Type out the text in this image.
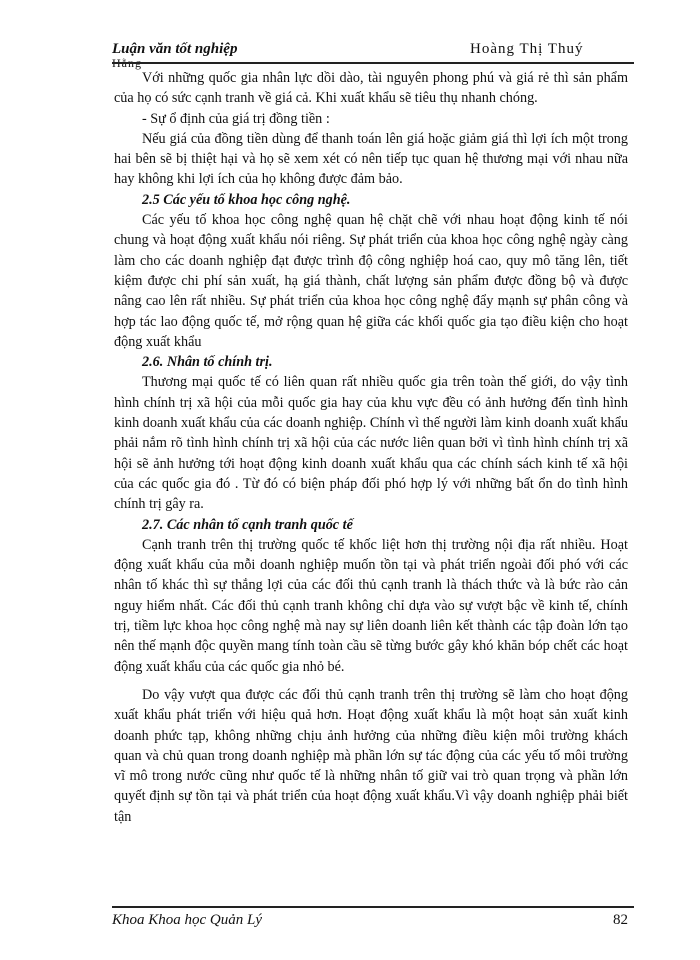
Luận văn tốt nghiệp	Hoàng Thị Thuý
Hằng

Với những quốc gia nhân lực dồi dào, tài nguyên phong phú và giá rẻ thì sản phẩm của họ có sức cạnh tranh về giá cả. Khi xuất khẩu sẽ tiêu thụ nhanh chóng.

- Sự ổ định của giá trị đồng tiền :

Nếu giá của đồng tiền dùng để thanh toán lên giá hoặc giảm giá thì lợi ích một trong hai bên sẽ bị thiệt hại và họ sẽ xem xét có nên tiếp tục quan hệ thương mại với nhau nữa hay không khi lợi ích của họ không được đảm bảo.

2.5 Các yếu tố khoa học công nghệ.

Các yếu tố khoa học công nghệ quan hệ chặt chẽ với nhau hoạt động kinh tế nói chung và hoạt động xuất khẩu nói riêng. Sự phát triển của khoa học công nghệ ngày càng làm cho các doanh nghiệp đạt được trình độ công nghiệp hoá cao, quy mô tăng lên, tiết kiệm được chi phí sản xuất, hạ giá thành, chất lượng sản phẩm được đồng bộ và được nâng cao lên rất nhiều. Sự phát triển của khoa học công nghệ đẩy mạnh sự phân công và hợp tác lao động quốc tế, mở rộng quan hệ giữa các khối quốc gia tạo điều kiện cho hoạt động xuất khẩu

2.6. Nhân tố chính trị.

Thương mại quốc tế có liên quan rất nhiều quốc gia trên toàn thế giới, do vậy tình hình chính trị xã hội của mỗi quốc gia hay của khu vực đều có ảnh hưởng đến tình hình kinh doanh xuất khẩu của các doanh nghiệp. Chính vì thế người làm kinh doanh xuất khẩu phải nắm rõ tình hình chính trị xã hội của các nước liên quan bởi vì tình hình chính trị xã hội sẽ ảnh hưởng tới hoạt động kinh doanh xuất khẩu qua các chính sách kinh tế xã hội của các quốc gia đó . Từ đó có biện pháp đối phó hợp lý với những bất ổn do tình hình chính trị gây ra.

2.7. Các nhân tố cạnh tranh quốc tế

Cạnh tranh trên thị trường quốc tế khốc liệt hơn thị trường nội địa rất nhiều. Hoạt động xuất khẩu của mỗi doanh nghiệp muốn tồn tại và phát triển ngoài đối phó với các nhân tố khác thì sự thắng lợi của các đối thủ cạnh tranh là thách thức và là bức rào cản nguy hiểm nhất. Các đối thủ cạnh tranh không chỉ dựa vào sự vượt bậc về kinh tế, chính trị, tiềm lực khoa học công nghệ mà nay sự liên doanh liên kết thành các tập đoàn lớn tạo nên thế mạnh độc quyền mang tính toàn cầu sẽ từng bước gây khó khăn bóp chết các hoạt động xuất khẩu của các quốc gia nhỏ bé.

Do vậy vượt qua được các đối thủ cạnh tranh trên thị trường sẽ làm cho hoạt động xuất khẩu phát triển với hiệu quả hơn. Hoạt động xuất khẩu là một hoạt sản xuất kinh doanh phức tạp, không những chịu ảnh hưởng của những điều kiện môi trường khách quan và chủ quan trong doanh nghiệp mà phần lớn sự tác động của các yếu tố môi trường vĩ mô trong nước cũng như quốc tế là những nhân tố giữ vai trò quan trọng và phần lớn quyết định sự tồn tại và phát triển của hoạt động xuất khẩu.Vì vậy doanh nghiệp phải biết tận

Khoa Khoa học Quản Lý	82
